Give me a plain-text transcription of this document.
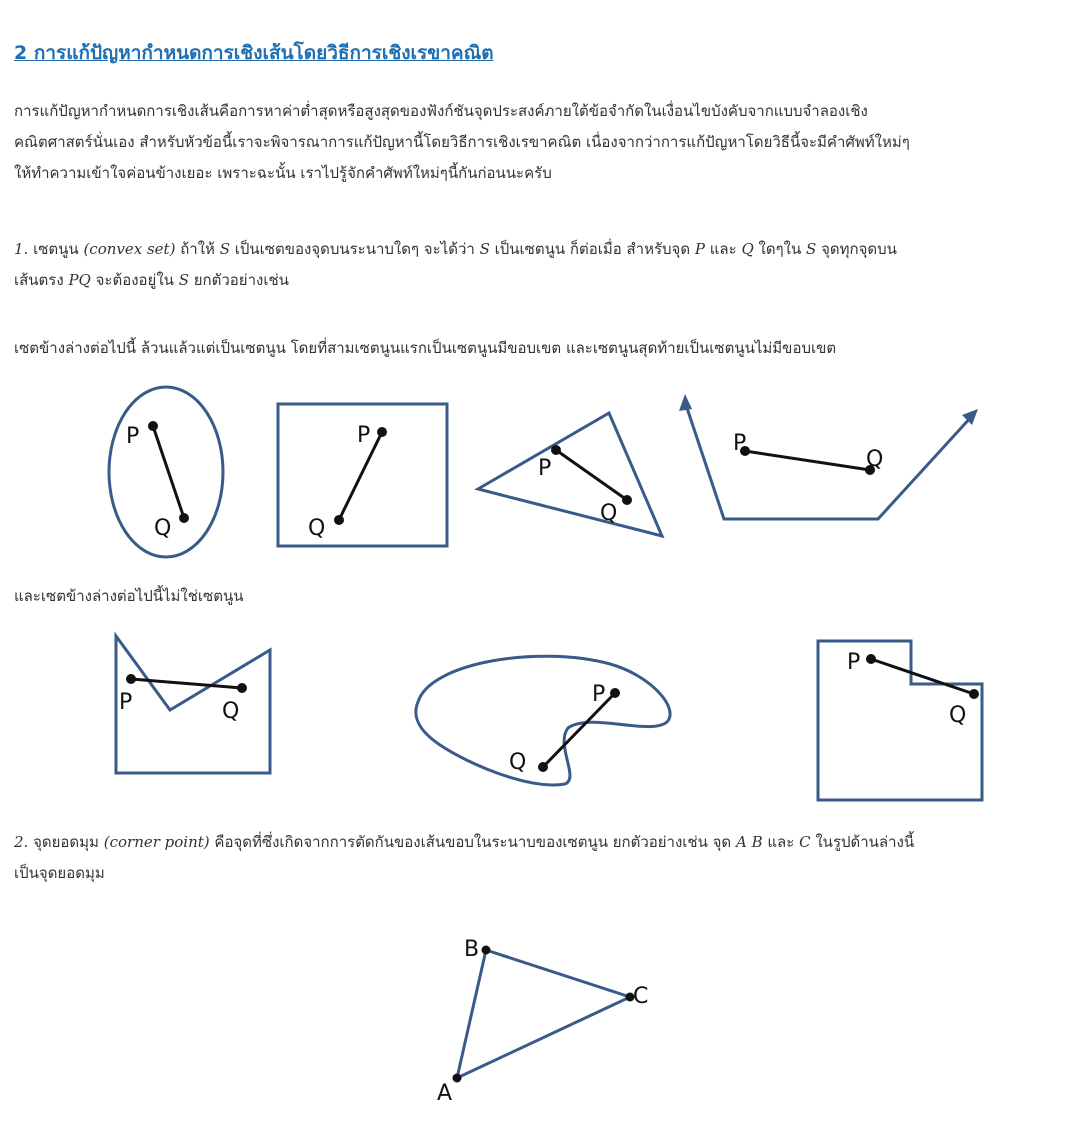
2 การแก้ปัญหากำหนดการเชิงเส้นโดยวิธีการเชิงเรขาคณิต
การแก้ปัญหากำหนดการเชิงเส้นคือการหาค่าต่ำสุดหรือสูงสุดของฟังก์ชันจุดประสงค์ภายใต้ข้อจำกัดในเงื่อนไขบังคับจากแบบจำลองเชิง
คณิตศาสตร์นั่นเอง สำหรับหัวข้อนี้เราจะพิจารณาการแก้ปัญหานี้โดยวิธีการเชิงเรขาคณิต เนื่องจากว่าการแก้ปัญหาโดยวิธีนี้จะมีคำศัพท์ใหม่ๆ
ให้ทำความเข้าใจค่อนข้างเยอะ เพราะฉะนั้น เราไปรู้จักคำศัพท์ใหม่ๆนี้กันก่อนนะครับ
1. เซตนูน (convex set) ถ้าให้ S เป็นเซตของจุดบนระนาบใดๆ จะได้ว่า S เป็นเซตนูน ก็ต่อเมื่อ สำหรับจุด P และ Q ใดๆใน S จุดทุกจุดบน
เส้นตรง PQ จะต้องอยู่ใน S ยกตัวอย่างเช่น
เซตข้างล่างต่อไปนี้ ล้วนแล้วแต่เป็นเซตนูน โดยที่สามเซตนูนแรกเป็นเซตนูนมีขอบเขต และเซตนูนสุดท้ายเป็นเซตนูนไม่มีขอบเขต
P
Q
P
Q
P
Q
P
Q
และเซตข้างล่างต่อไปนี้ไม่ใช่เซตนูน
P	Q
P
Q
P
Q
2. จุดยอดมุม (corner point) คือจุดที่ซึ่งเกิดจากการตัดกันของเส้นขอบในระนาบของเซตนูน ยกตัวอย่างเช่น จุด A B และ C ในรูปด้านล่างนี้
เป็นจุดยอดมุม
B
C
A
